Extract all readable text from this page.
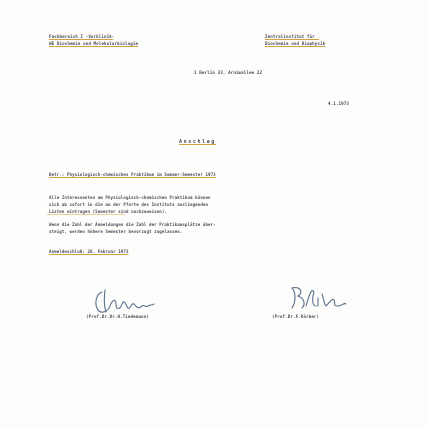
Fachbereich I -Vorklinik-
WE Biochemie und Molekularbiologie
Zentralinstitut für
Biochemie und Biophysik
1 Berlin 33, Arnimallee 22
4.1.1973
Anschlag
Betr.: Physiologisch-chemisches Praktikum im Sommer-Semester 1973
Alle Interessenten am Physiologisch-chemischen Praktikum können
sich ab sofort in die an der Pforte des Instituts ausliegenden
Listen eintragen (Semester sind nachzuweisen).
Wenn die Zahl der Anmeldungen die Zahl der Praktikumsplätze über-
steigt, werden höhere Semester bevorzugt zugelassen.
Anmeldeschluß: 28. Februar 1973
(Prof.Dr.Dr.H.Tiedemann)	(Prof.Dr.F.Körber)
